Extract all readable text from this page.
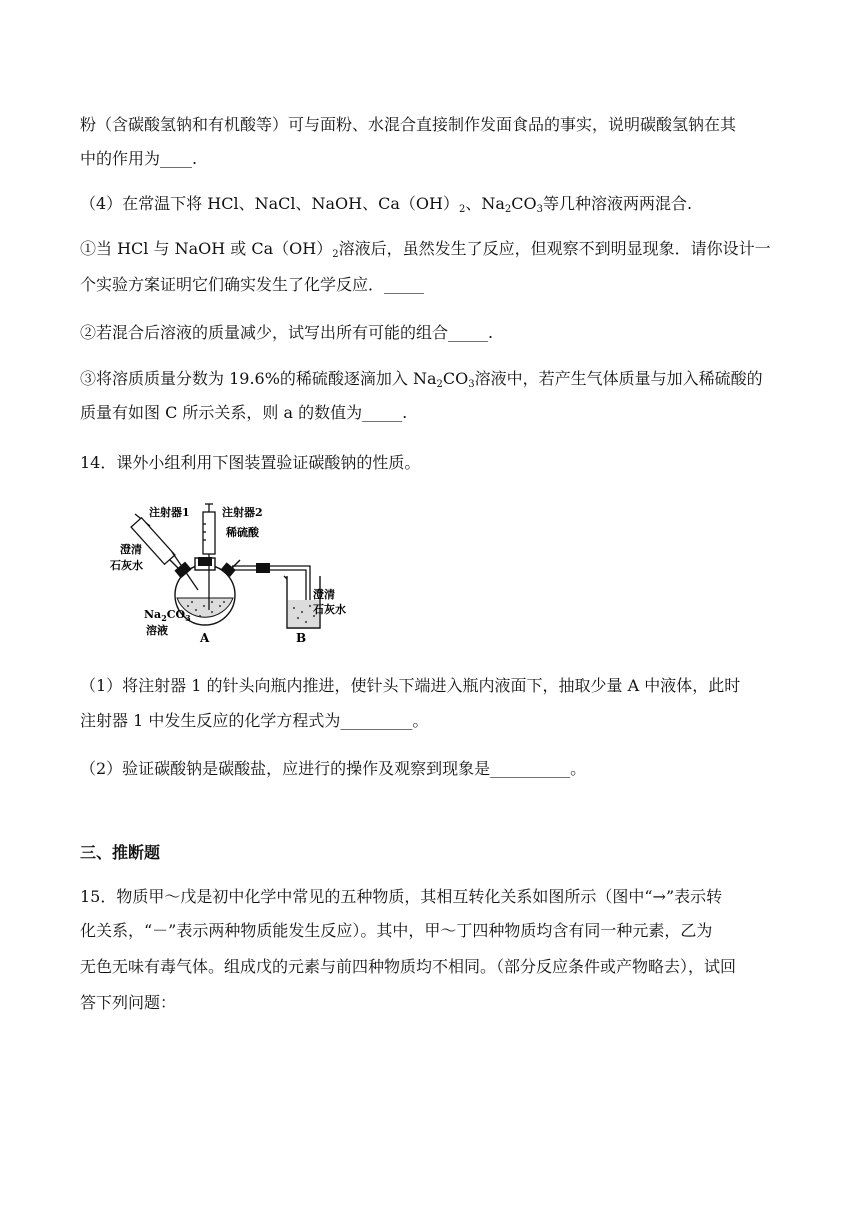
粉（含碳酸氢钠和有机酸等）可与面粉、水混合直接制作发面食品的事实，说明碳酸氢钠在其
中的作用为____.
（4）在常温下将 HCl、NaCl、NaOH、$Ca(OH)_2$、$Na_2CO_3$等几种溶液两两混合.
①当 HCl 与 NaOH 或 $Ca(OH)_2$溶液后，虽然发生了反应，但观察不到明显现象．请你设计一
个实验方案证明它们确实发生了化学反应．_____
②若混合后溶液的质量减少，试写出所有可能的组合_____.
③将溶质质量分数为 19.6%的稀硫酸逐滴加入 $Na_2CO_3$溶液中，若产生气体质量与加入稀硫酸的
质量有如图 C 所示关系，则 a 的数值为_____.
14．课外小组利用下图装置验证碳酸钠的性质。
注射器1	注射器2
稀硫酸
澄清
石灰水
$Na_2CO_3$
溶液
A
澄清
石灰水
B
（1）将注射器 1 的针头向瓶内推进，使针头下端进入瓶内液面下，抽取少量 A 中液体，此时
注射器 1 中发生反应的化学方程式为_________。
（2）验证碳酸钠是碳酸盐，应进行的操作及观察到现象是__________。
三、推断题
15．物质甲～戊是初中化学中常见的五种物质，其相互转化关系如图所示（图中“→”表示转
化关系，“－”表示两种物质能发生反应）。其中，甲～丁四种物质均含有同一种元素，乙为
无色无味有毒气体。组成戊的元素与前四种物质均不相同。（部分反应条件或产物略去），试回
答下列问题：
